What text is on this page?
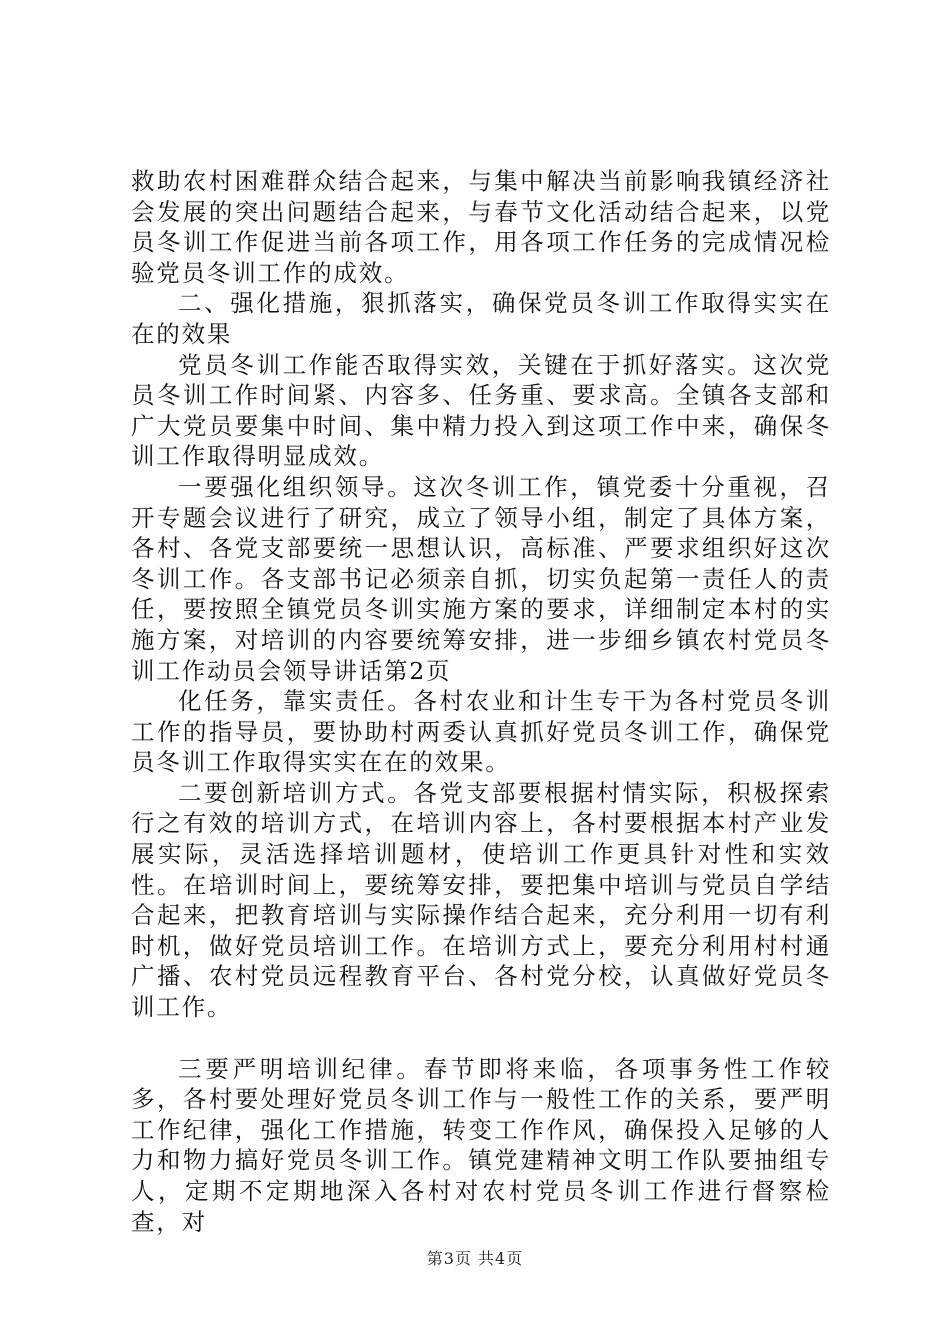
救助农村困难群众结合起来，与集中解决当前影响我镇经济社会发展的突出问题结合起来，与春节文化活动结合起来，以党员冬训工作促进当前各项工作，用各项工作任务的完成情况检验党员冬训工作的成效。

二、强化措施，狠抓落实，确保党员冬训工作取得实实在在的效果

党员冬训工作能否取得实效，关键在于抓好落实。这次党员冬训工作时间紧、内容多、任务重、要求高。全镇各支部和广大党员要集中时间、集中精力投入到这项工作中来，确保冬训工作取得明显成效。

一要强化组织领导。这次冬训工作，镇党委十分重视，召开专题会议进行了研究，成立了领导小组，制定了具体方案，各村、各党支部要统一思想认识，高标准、严要求组织好这次冬训工作。各支部书记必须亲自抓，切实负起第一责任人的责任，要按照全镇党员冬训实施方案的要求，详细制定本村的实施方案，对培训的内容要统筹安排，进一步细乡镇农村党员冬训工作动员会领导讲话第2页

化任务，靠实责任。各村农业和计生专干为各村党员冬训工作的指导员，要协助村两委认真抓好党员冬训工作，确保党员冬训工作取得实实在在的效果。

二要创新培训方式。各党支部要根据村情实际，积极探索行之有效的培训方式，在培训内容上，各村要根据本村产业发展实际，灵活选择培训题材，使培训工作更具针对性和实效性。在培训时间上，要统筹安排，要把集中培训与党员自学结合起来，把教育培训与实际操作结合起来，充分利用一切有利时机，做好党员培训工作。在培训方式上，要充分利用村村通广播、农村党员远程教育平台、各村党分校，认真做好党员冬训工作。

三要严明培训纪律。春节即将来临，各项事务性工作较多，各村要处理好党员冬训工作与一般性工作的关系，要严明工作纪律，强化工作措施，转变工作作风，确保投入足够的人力和物力搞好党员冬训工作。镇党建精神文明工作队要抽组专人，定期不定期地深入各村对农村党员冬训工作进行督察检查，对

第3页 共4页
